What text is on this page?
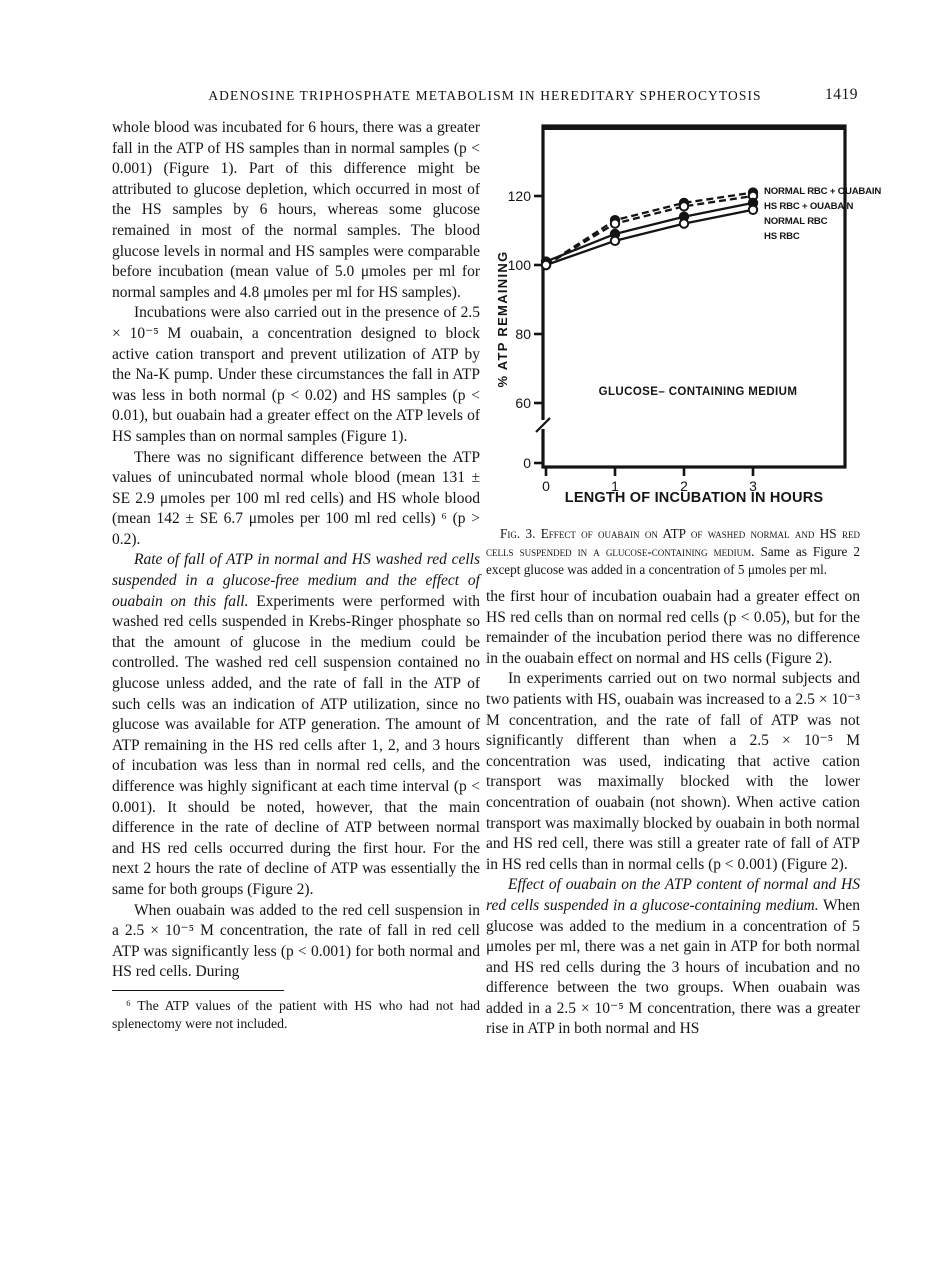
ADENOSINE TRIPHOSPHATE METABOLISM IN HEREDITARY SPHEROCYTOSIS	1419

whole blood was incubated for 6 hours, there was a greater fall in the ATP of HS samples than in normal samples (p < 0.001) (Figure 1). Part of this difference might be attributed to glucose depletion, which occurred in most of the HS samples by 6 hours, whereas some glucose remained in most of the normal samples. The blood glucose levels in normal and HS samples were comparable before incubation (mean value of 5.0 μmoles per ml for normal samples and 4.8 μmoles per ml for HS samples).

Incubations were also carried out in the presence of 2.5 × 10⁻⁵ M ouabain, a concentration designed to block active cation transport and prevent utilization of ATP by the Na-K pump. Under these circumstances the fall in ATP was less in both normal (p < 0.02) and HS samples (p < 0.01), but ouabain had a greater effect on the ATP levels of HS samples than on normal samples (Figure 1).

There was no significant difference between the ATP values of unincubated normal whole blood (mean 131 ± SE 2.9 μmoles per 100 ml red cells) and HS whole blood (mean 142 ± SE 6.7 μmoles per 100 ml red cells) ⁶ (p > 0.2).

Rate of fall of ATP in normal and HS washed red cells suspended in a glucose-free medium and the effect of ouabain on this fall. Experiments were performed with washed red cells suspended in Krebs-Ringer phosphate so that the amount of glucose in the medium could be controlled. The washed red cell suspension contained no glucose unless added, and the rate of fall in the ATP of such cells was an indication of ATP utilization, since no glucose was available for ATP generation. The amount of ATP remaining in the HS red cells after 1, 2, and 3 hours of incubation was less than in normal red cells, and the difference was highly significant at each time interval (p < 0.001). It should be noted, however, that the main difference in the rate of decline of ATP between normal and HS red cells occurred during the first hour. For the next 2 hours the rate of decline of ATP was essentially the same for both groups (Figure 2).

When ouabain was added to the red cell suspension in a 2.5 × 10⁻⁵ M concentration, the rate of fall in red cell ATP was significantly less (p < 0.001) for both normal and HS red cells. During

⁶ The ATP values of the patient with HS who had not had splenectomy were not included.

0
60
80
100
120
0	1	2	3
NORMAL RBC + OUABAIN
HS RBC + OUABAIN
NORMAL RBC
HS RBC
GLUCOSE– CONTAINING MEDIUM
% ATP REMAINING
LENGTH OF INCUBATION IN HOURS

Fig. 3. Effect of ouabain on ATP of washed normal and HS red cells suspended in a glucose-containing medium. Same as Figure 2 except glucose was added in a concentration of 5 μmoles per ml.

the first hour of incubation ouabain had a greater effect on HS red cells than on normal red cells (p < 0.05), but for the remainder of the incubation period there was no difference in the ouabain effect on normal and HS cells (Figure 2).

In experiments carried out on two normal subjects and two patients with HS, ouabain was increased to a 2.5 × 10⁻³ M concentration, and the rate of fall of ATP was not significantly different than when a 2.5 × 10⁻⁵ M concentration was used, indicating that active cation transport was maximally blocked with the lower concentration of ouabain (not shown). When active cation transport was maximally blocked by ouabain in both normal and HS red cell, there was still a greater rate of fall of ATP in HS red cells than in normal cells (p < 0.001) (Figure 2).

Effect of ouabain on the ATP content of normal and HS red cells suspended in a glucose-containing medium. When glucose was added to the medium in a concentration of 5 μmoles per ml, there was a net gain in ATP for both normal and HS red cells during the 3 hours of incubation and no difference between the two groups. When ouabain was added in a 2.5 × 10⁻⁵ M concentration, there was a greater rise in ATP in both normal and HS
